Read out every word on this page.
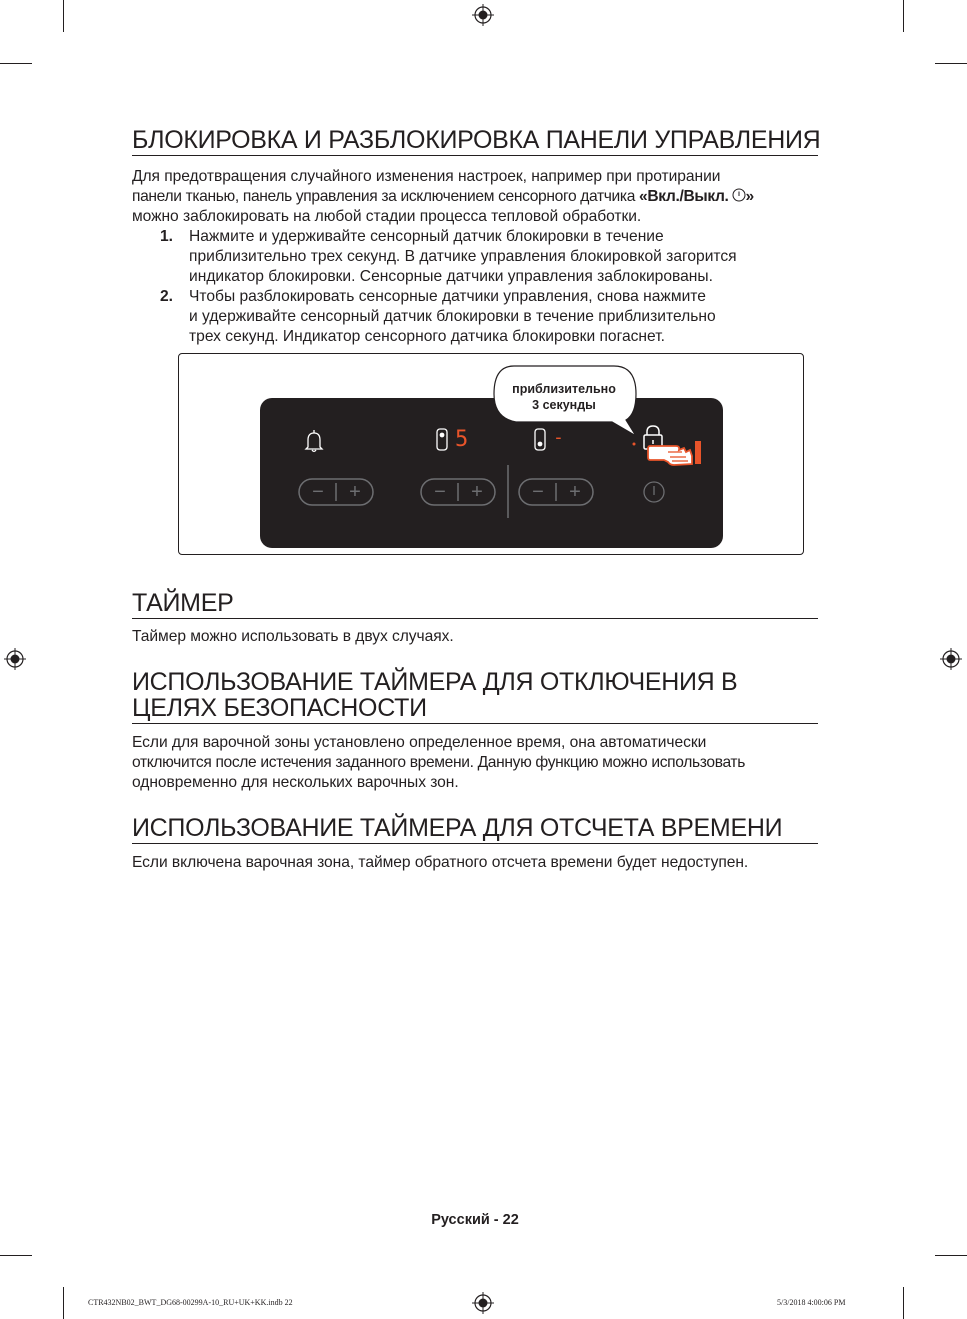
БЛОКИРОВКА И РАЗБЛОКИРОВКА ПАНЕЛИ УПРАВЛЕНИЯ
Для предотвращения случайного изменения настроек, например при протирании
панели тканью, панель управления за исключением сенсорного датчика «Вкл./Выкл. »
можно заблокировать на любой стадии процесса тепловой обработки.
1. Нажмите и удерживайте сенсорный датчик блокировки в течение
приблизительно трех секунд. В датчике управления блокировкой загорится
индикатор блокировки. Сенсорные датчики управления заблокированы.
2. Чтобы разблокировать сенсорные датчики управления, снова нажмите
и удерживайте сенсорный датчик блокировки в течение приблизительно
трех секунд. Индикатор сенсорного датчика блокировки погаснет.
приблизительно
3 секунды
5	-
−	+	−	+	−	+
ТАЙМЕР
Таймер можно использовать в двух случаях.
ИСПОЛЬЗОВАНИЕ ТАЙМЕРА ДЛЯ ОТКЛЮЧЕНИЯ В
ЦЕЛЯХ БЕЗОПАСНОСТИ
Если для варочной зоны установлено определенное время, она автоматически
отключится после истечения заданного времени. Данную функцию можно использовать
одновременно для нескольких варочных зон.
ИСПОЛЬЗОВАНИЕ ТАЙМЕРА ДЛЯ ОТСЧЕТА ВРЕМЕНИ
Если включена варочная зона, таймер обратного отсчета времени будет недоступен.
Русский - 22
CTR432NB02_BWT_DG68-00299A-10_RU+UK+KK.indb 22	5/3/2018 4:00:06 PM
